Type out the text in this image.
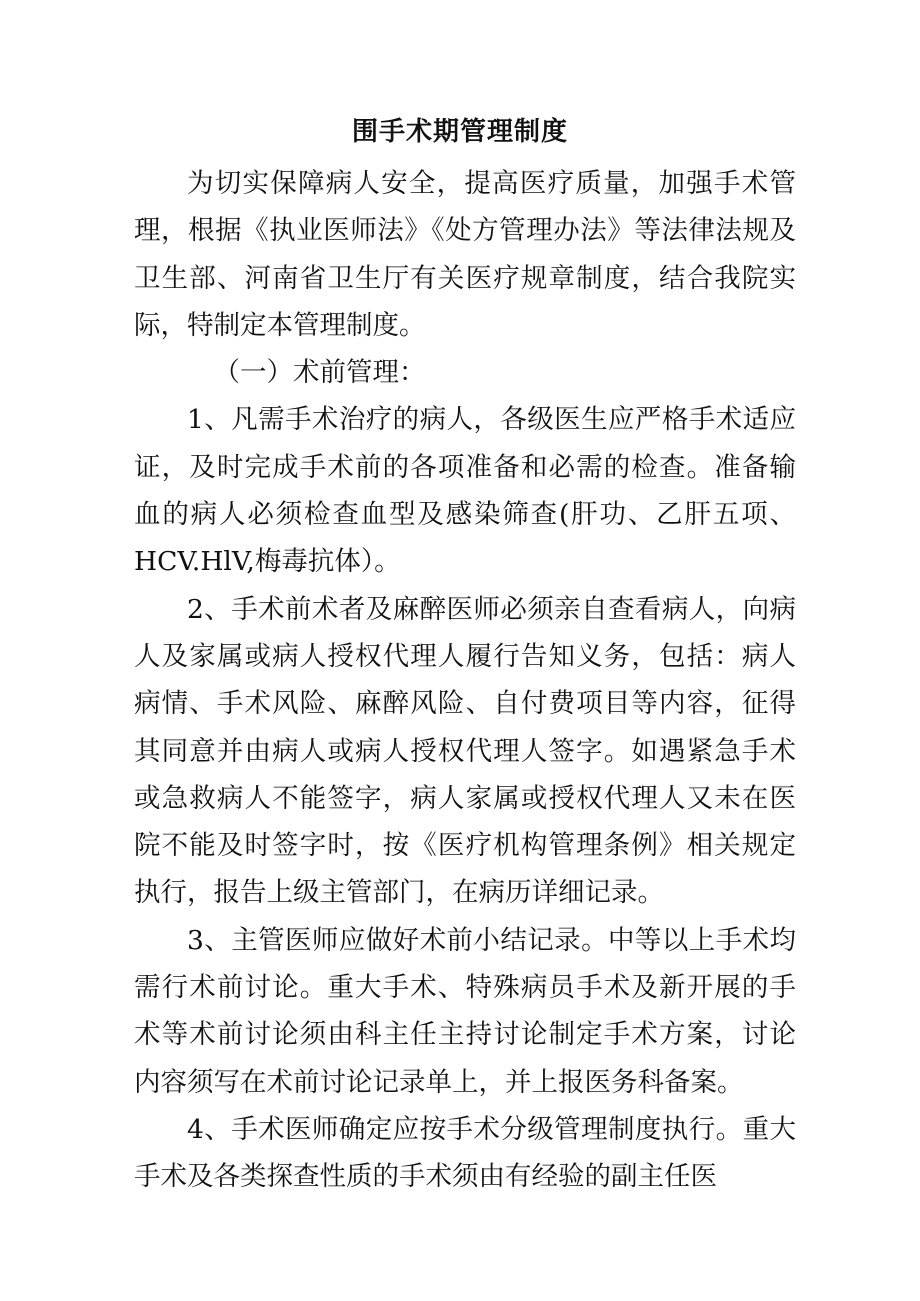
围手术期管理制度

为切实保障病人安全，提高医疗质量，加强手术管理，根据《执业医师法》《处方管理办法》等法律法规及卫生部、河南省卫生厅有关医疗规章制度，结合我院实际，特制定本管理制度。

（一）术前管理：

1、凡需手术治疗的病人，各级医生应严格手术适应证，及时完成手术前的各项准备和必需的检查。准备输血的病人必须检查血型及感染筛查(肝功、乙肝五项、HCV.HlV,梅毒抗体）。

2、手术前术者及麻醉医师必须亲自查看病人，向病人及家属或病人授权代理人履行告知义务，包括：病人病情、手术风险、麻醉风险、自付费项目等内容，征得其同意并由病人或病人授权代理人签字。如遇紧急手术或急救病人不能签字，病人家属或授权代理人又未在医院不能及时签字时，按《医疗机构管理条例》相关规定执行，报告上级主管部门，在病历详细记录。

3、主管医师应做好术前小结记录。中等以上手术均需行术前讨论。重大手术、特殊病员手术及新开展的手术等术前讨论须由科主任主持讨论制定手术方案，讨论内容须写在术前讨论记录单上，并上报医务科备案。

4、手术医师确定应按手术分级管理制度执行。重大手术及各类探查性质的手术须由有经验的副主任医
